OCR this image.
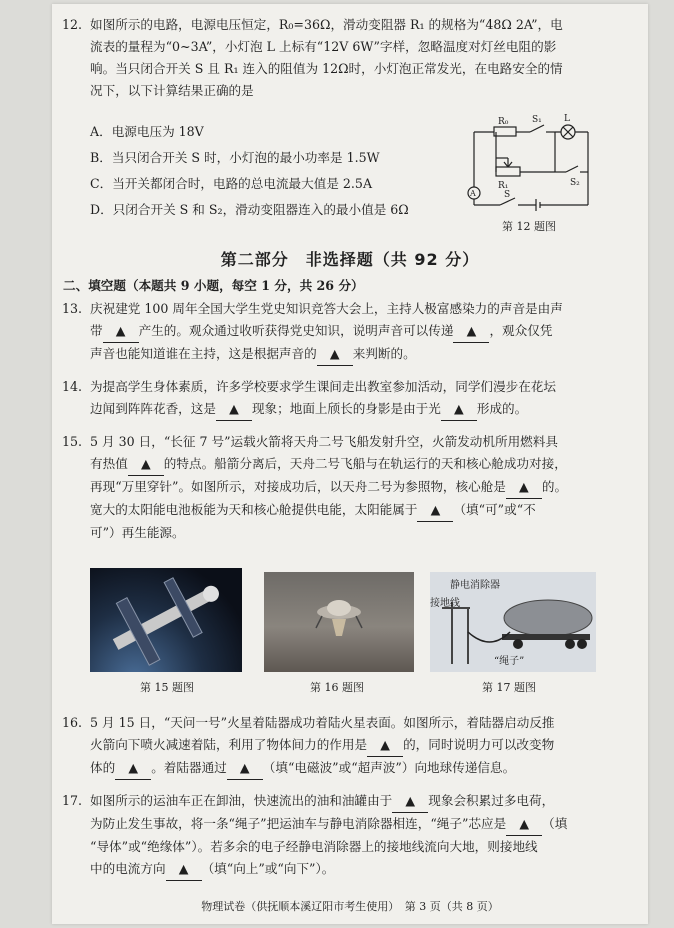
12. 如图所示的电路，电源电压恒定，R₀=36Ω，滑动变阻器 R₁ 的规格为“48Ω 2A”，电
流表的量程为“0~3A”，小灯泡 L 上标有“12V 6W”字样，忽略温度对灯丝电阻的影
响。当只闭合开关 S 且 R₁ 连入的阻值为 12Ω时，小灯泡正常发光，在电路安全的情
况下，以下计算结果正确的是
A．电源电压为 18V
B．当只闭合开关 S 时，小灯泡的最小功率是 1.5W
C．当开关都闭合时，电路的总电流最大值是 2.5A
D．只闭合开关 S 和 S₂，滑动变阻器连入的最小值是 6Ω
R₀	S₁ L
R₁
A	S
S₂
第 12 题图
第二部分　非选择题（共 92 分）
二、填空题（本题共 9 小题，每空 1 分，共 26 分）
13. 庆祝建党 100 周年全国大学生党史知识竞答大会上，主持人极富感染力的声音是由声
带 ▲ 产生的。观众通过收听获得党史知识，说明声音可以传递 ▲ ，观众仅凭
声音也能知道谁在主持，这是根据声音的 ▲ 来判断的。
14. 为提高学生身体素质，许多学校要求学生课间走出教室参加活动，同学们漫步在花坛
边闻到阵阵花香，这是 ▲ 现象；地面上颀长的身影是由于光 ▲ 形成的。
15. 5 月 30 日，“长征 7 号”运载火箭将天舟二号飞船发射升空，火箭发动机所用燃料具
有热值 ▲ 的特点。船箭分离后，天舟二号飞船与在轨运行的天和核心舱成功对接，
再现“万里穿针”。如图所示，对接成功后，以天舟二号为参照物，核心舱是 ▲ 的。
宽大的太阳能电池板能为天和核心舱提供电能，太阳能属于 ▲ （填“可”或“不
可”）再生能源。
第 15 题图	第 16 题图
静电消除器
接地线
“绳子”
第 17 题图
16. 5 月 15 日，“天问一号”火星着陆器成功着陆火星表面。如图所示，着陆器启动反推
火箭向下喷火减速着陆，利用了物体间力的作用是 ▲ 的，同时说明力可以改变物
体的 ▲ 。着陆器通过 ▲ （填“电磁波”或“超声波”）向地球传递信息。
17. 如图所示的运油车正在卸油，快速流出的油和油罐由于 ▲ 现象会积累过多电荷，
为防止发生事故，将一条“绳子”把运油车与静电消除器相连，“绳子”芯应是 ▲ （填
“导体”或“绝缘体”）。若多余的电子经静电消除器上的接地线流向大地，则接地线
中的电流方向 ▲ （填“向上”或“向下”）。
物理试卷（供抚顺本溪辽阳市考生使用）　第 3 页（共 8 页）
